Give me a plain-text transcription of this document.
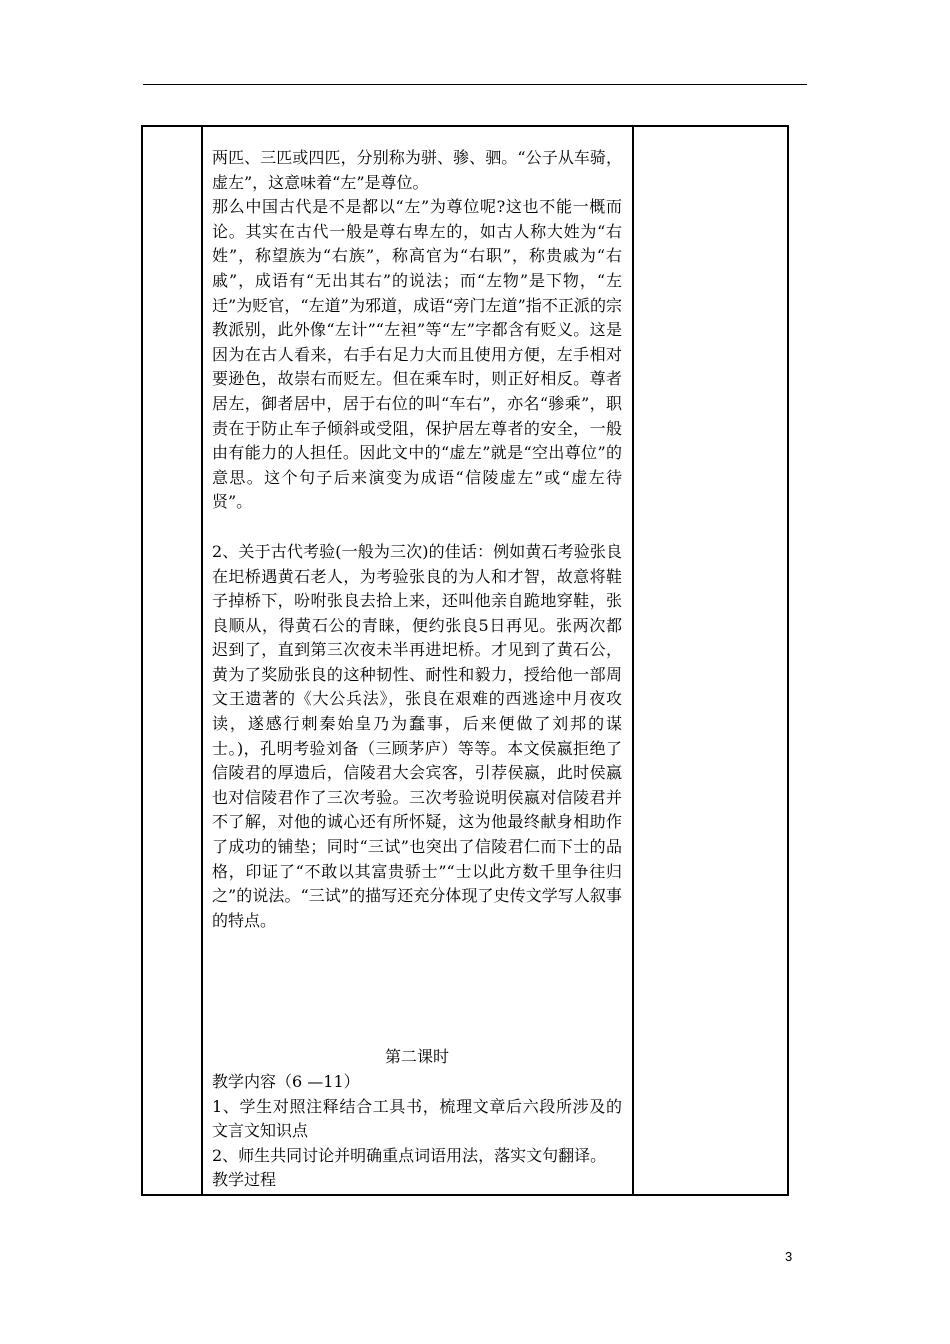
两匹、三匹或四匹，分别称为骈、骖、驷。“公子从车骑，虚左”，这意味着“左”是尊位。

那么中国古代是不是都以“左”为尊位呢?这也不能一概而论。其实在古代一般是尊右卑左的，如古人称大姓为“右姓”，称望族为“右族”，称高官为“右职”，称贵戚为“右戚”，成语有“无出其右”的说法；而“左物”是下物，“左迁”为贬官，“左道”为邪道，成语“旁门左道”指不正派的宗教派别，此外像“左计”“左袒”等“左”字都含有贬义。这是因为在古人看来，右手右足力大而且使用方便，左手相对要逊色，故崇右而贬左。但在乘车时，则正好相反。尊者居左，御者居中，居于右位的叫“车右”，亦名“骖乘”，职责在于防止车子倾斜或受阻，保护居左尊者的安全，一般由有能力的人担任。因此文中的“虚左”就是“空出尊位”的意思。这个句子后来演变为成语“信陵虚左”或“虚左待贤”。

2、关于古代考验(一般为三次)的佳话：例如黄石考验张良在圯桥遇黄石老人，为考验张良的为人和才智，故意将鞋子掉桥下，吩咐张良去拾上来，还叫他亲自跪地穿鞋，张良顺从，得黄石公的青睐，便约张良5日再见。张两次都迟到了，直到第三次夜未半再进圯桥。才见到了黄石公，黄为了奖励张良的这种韧性、耐性和毅力，授给他一部周文王遗著的《大公兵法》，张良在艰难的西逃途中月夜攻读，遂感行刺秦始皇乃为蠢事，后来便做了刘邦的谋士。)，孔明考验刘备（三顾茅庐）等等。本文侯嬴拒绝了信陵君的厚遗后，信陵君大会宾客，引荐侯嬴，此时侯嬴也对信陵君作了三次考验。三次考验说明侯嬴对信陵君并不了解，对他的诚心还有所怀疑，这为他最终献身相助作了成功的铺垫；同时“三试”也突出了信陵君仁而下士的品格，印证了“不敢以其富贵骄士”“士以此方数千里争往归之”的说法。“三试”的描写还充分体现了史传文学写人叙事的特点。

第二课时

教学内容（6 —11）

1、学生对照注释结合工具书，梳理文章后六段所涉及的文言文知识点

2、师生共同讨论并明确重点词语用法，落实文句翻译。

教学过程

3
